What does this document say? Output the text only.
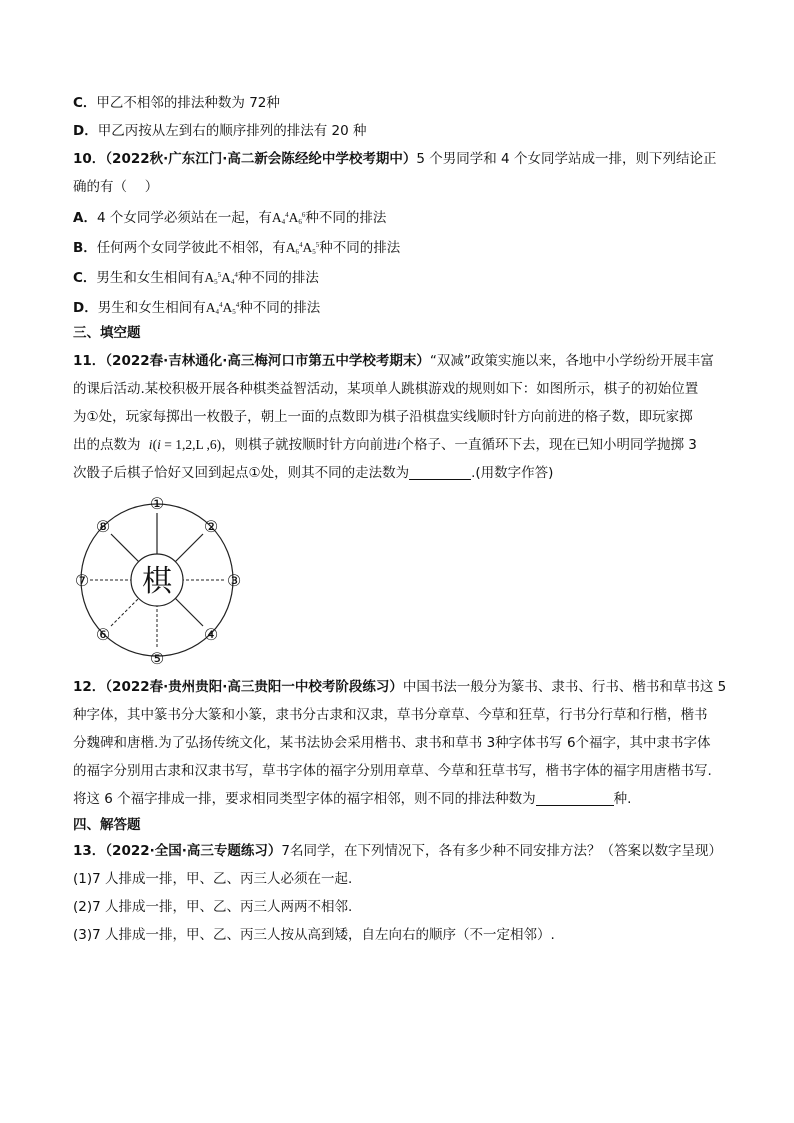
C．甲乙不相邻的排法种数为 72种
D．甲乙丙按从左到右的顺序排列的排法有 20 种
10．（2022秋·广东江门·高二新会陈经纶中学校考期中）5 个男同学和 4 个女同学站成一排，则下列结论正
确的有（　 ）
A．4 个女同学必须站在一起，有$A_4^4A_6^6$种不同的排法
B．任何两个女同学彼此不相邻，有$A_6^4A_5^5$种不同的排法
C．男生和女生相间有$A_5^5A_4^4$种不同的排法
D．男生和女生相间有$A_4^4A_5^4$种不同的排法
三、填空题
11．（2022春·吉林通化·高三梅河口市第五中学校考期末）“双减”政策实施以来，各地中小学纷纷开展丰富
的课后活动.某校积极开展各种棋类益智活动，某项单人跳棋游戏的规则如下：如图所示，棋子的初始位置
为①处，玩家每掷出一枚骰子，朝上一面的点数即为棋子沿棋盘实线顺时针方向前进的格子数，即玩家掷
出的点数为 i(i = 1,2,L ,6)，则棋子就按顺时针方向前进i个格子、一直循环下去，现在已知小明同学抛掷 3
次骰子后棋子恰好又回到起点①处，则其不同的走法数为	.(用数字作答)
棋
①
②
③
④
⑤
⑥
⑦
⑧
12．（2022春·贵州贵阳·高三贵阳一中校考阶段练习）中国书法一般分为篆书、隶书、行书、楷书和草书这 5
种字体，其中篆书分大篆和小篆，隶书分古隶和汉隶，草书分章草、今草和狂草，行书分行草和行楷，楷书
分魏碑和唐楷.为了弘扬传统文化，某书法协会采用楷书、隶书和草书 3种字体书写 6个福字，其中隶书字体
的福字分别用古隶和汉隶书写，草书字体的福字分别用章草、今草和狂草书写，楷书字体的福字用唐楷书写.
将这 6 个福字排成一排，要求相同类型字体的福字相邻，则不同的排法种数为	种.
四、解答题
13．（2022·全国·高三专题练习）7名同学，在下列情况下，各有多少种不同安排方法？（答案以数字呈现）
(1)7 人排成一排，甲、乙、丙三人必须在一起.
(2)7 人排成一排，甲、乙、丙三人两两不相邻.
(3)7 人排成一排，甲、乙、丙三人按从高到矮，自左向右的顺序（不一定相邻）.
